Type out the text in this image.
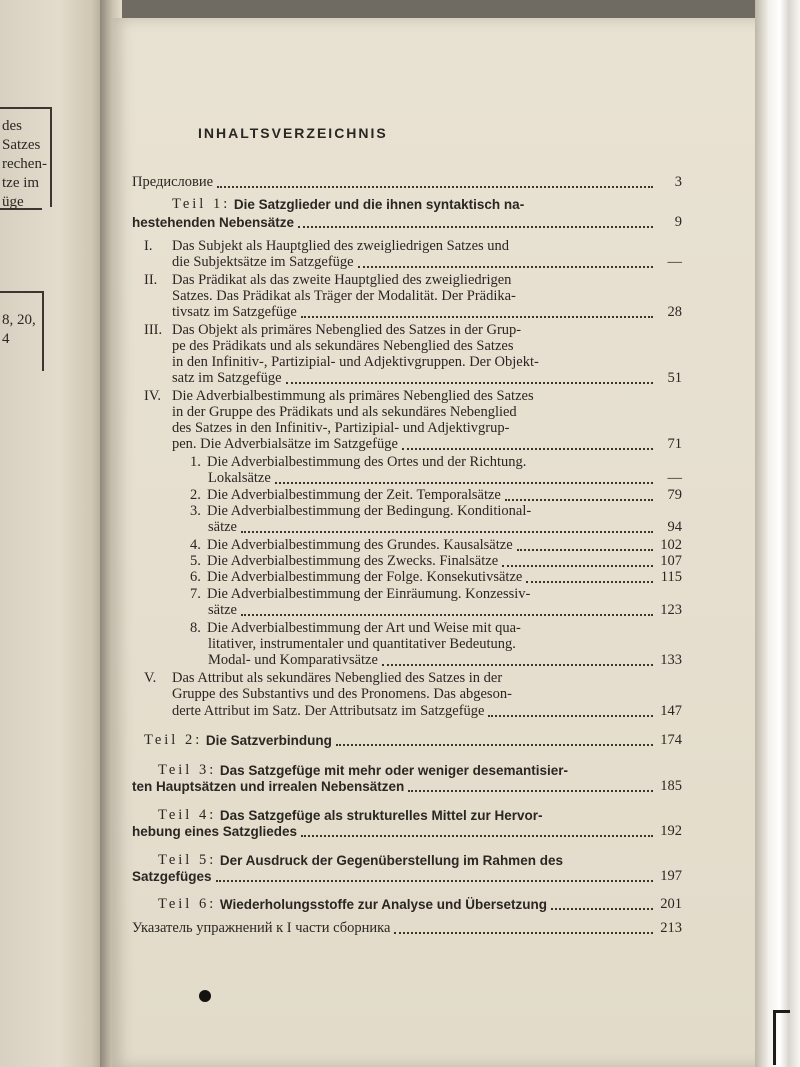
des
Satzes
rechen-
tze im
üge
8, 20,
4
INHALTSVERZEICHNIS
Предисловие	3
Teil 1:
Die Satzglieder und die ihnen syntaktisch na-
hestehenden Nebensätze	9
I.	Das Subjekt als Hauptglied des zweigliedrigen Satzes und
die Subjektsätze im Satzgefüge	—
II.	Das Prädikat als das zweite Hauptglied des zweigliedrigen
Satzes. Das Prädikat als Träger der Modalität. Der Prädika-
tivsatz im Satzgefüge	28
III. Das Objekt als primäres Nebenglied des Satzes in der Grup-
pe des Prädikats und als sekundäres Nebenglied des Satzes
in den Infinitiv-, Partizipial- und Adjektivgruppen. Der Objekt-
satz im Satzgefüge	51
IV. Die Adverbialbestimmung als primäres Nebenglied des Satzes
in der Gruppe des Prädikats und als sekundäres Nebenglied
des Satzes in den Infinitiv-, Partizipial- und Adjektivgrup-
pen. Die Adverbialsätze im Satzgefüge	71
1. Die Adverbialbestimmung des Ortes und der Richtung.
Lokalsätze	—
2. Die Adverbialbestimmung der Zeit. Temporalsätze	79
3. Die Adverbialbestimmung der Bedingung. Konditional-
sätze	94
4. Die Adverbialbestimmung des Grundes. Kausalsätze	102
5. Die Adverbialbestimmung des Zwecks. Finalsätze	107
6. Die Adverbialbestimmung der Folge. Konsekutivsätze	115
7. Die Adverbialbestimmung der Einräumung. Konzessiv-
sätze	123
8. Die Adverbialbestimmung der Art und Weise mit qua-
litativer, instrumentaler und quantitativer Bedeutung.
Modal- und Komparativsätze	133
V.	Das Attribut als sekundäres Nebenglied des Satzes in der
Gruppe des Substantivs und des Pronomens. Das abgeson-
derte Attribut im Satz. Der Attributsatz im Satzgefüge	147
Teil 2:
Die Satzverbindung	174
Teil 3:
Das Satzgefüge mit mehr oder weniger desemantisier-
ten Hauptsätzen und irrealen Nebensätzen	185
Teil 4:
Das Satzgefüge als strukturelles Mittel zur Hervor-
hebung eines Satzgliedes	192
Teil 5:
Der Ausdruck der Gegenüberstellung im Rahmen des
Satzgefüges	197
Teil 6:
Wiederholungsstoffe zur Analyse und Übersetzung	201
Указатель упражнений к I части сборника	213
